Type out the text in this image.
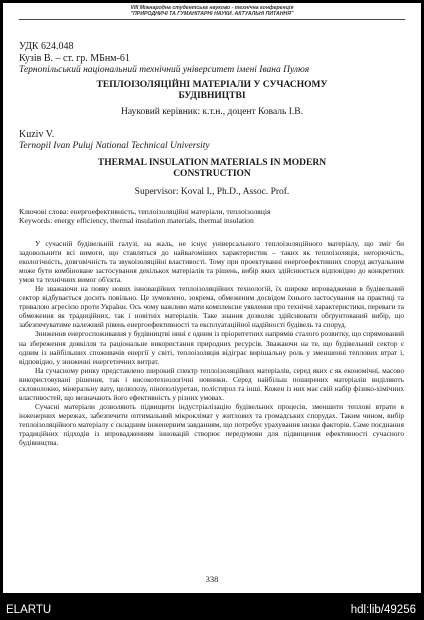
VIII Міжнародна студентська науково - технічна конференція
"ПРИРОДНИЧІ ТА ГУМАНІТАРНІ НАУКИ. АКТУАЛЬНІ ПИТАННЯ"
УДК 624.048
Кузів В. – ст. гр. МБнм-61
Тернопільський національний технічний університет імені Івана Пулюя
ТЕПЛОІЗОЛЯЦІЙНІ МАТЕРІАЛИ У СУЧАСНОМУ
БУДІВНИЦТВІ
Науковий керівник: к.т.н., доцент Коваль І.В.
Kuziv V.
Ternopil Ivan Puluj National Technical University
THERMAL INSULATION MATERIALS IN MODERN
CONSTRUCTION
Supervisor: Koval I., Ph.D., Assoc. Prof.
Ключові слова: енергоефективність, теплоізоляційні матеріали, теплоізоляція
Keywords: energy efficiency, thermal insulation materials, thermal insulation

У сучасній будівельній галузі, на жаль, не існує універсального теплоізоляційного матеріалу, що зміг би задовольнити всі вимоги, що ставляться до найвагоміших характеристик – таких як теплоізоляція, негорючість, екологічність, довговічність та звукоізоляційні властивості. Тому при проектуванні енергоефективних споруд актуальним може бути комбіноване застосування декількох матеріалів та рішень, вибір яких здійснюється відповідно до конкретних умов та технічних вимог об'єкта.

Не зважаючи на появу нових інноваційних теплоізоляційних технологій, їх широке впровадження в будівельний сектор відбувається досить повільно. Це зумовлено, зокрема, обмеженим досвідом їхнього застосування на практиці та тривалою агресією проти України. Ось чому важливо мати комплексне уявлення про технічні характеристики, переваги та обмеження як традиційних, так і новітніх матеріалів. Таке знання дозволяє здійснювати обґрунтований вибір, що забезпечуватиме належний рівень енергоефективності та експлуатаційної надійності будівель та споруд.

Зниження енергоспоживання у будівництві нині є одним із пріоритетних напрямів сталого розвитку, що спрямований на збереження довкілля та раціональне використання природних ресурсів. Зважаючи на те, що будівельний сектор є одним із найбільших споживачів енергії у світі, теплоізоляція відіграє вирішальну роль у зменшенні теплових втрат і, відповідно, у зниженні енергетичних витрат.

На сучасному ринку представлено широкий спектр теплоізоляційних матеріалів, серед яких є як економічні, масово використовувані рішення, так і високотехнологічні новинки. Серед найбільш поширених матеріалів виділяють скловолокно, мінеральну вату, целюлозу, пінополіуретан, полістирол та інші. Кожен із них має свій набір фізико-хімічних властивостей, що визначають його ефективність у різних умовах.

Сучасні матеріали дозволяють підвищити індустріалізацію будівельних процесів, зменшити теплові втрати в інженерних мережах, забезпечити оптимальний мікроклімат у житлових та громадських спорудах. Таким чином, вибір теплоізоляційного матеріалу є складним інженерним завданням, що потребує урахування низки факторів. Саме поєднання традиційних підходів із впровадженням інновацій створює передумови для підвищення ефективності сучасного будівництва.

338
ELARTU	hdl:lib/49256
